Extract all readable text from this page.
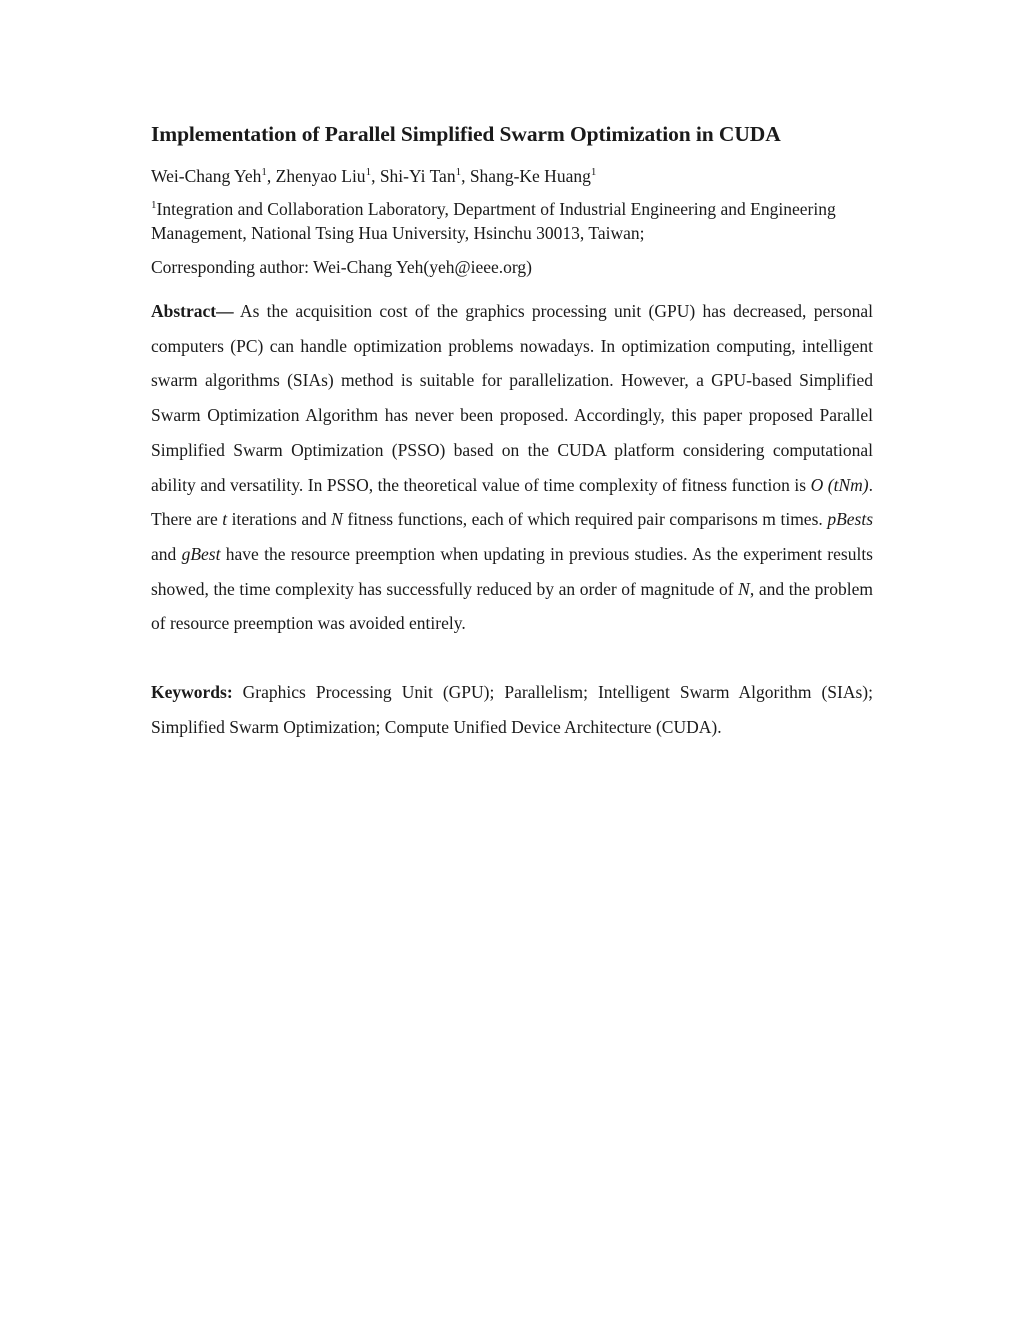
Implementation of Parallel Simplified Swarm Optimization in CUDA
Wei-Chang Yeh$^1$, Zhenyao Liu$^1$, Shi-Yi Tan$^1$, Shang-Ke Huang$^1$
$^1$Integration and Collaboration Laboratory, Department of Industrial Engineering and Engineering Management, National Tsing Hua University, Hsinchu 30013, Taiwan;
Corresponding author: Wei-Chang Yeh(yeh@ieee.org)
Abstract— As the acquisition cost of the graphics processing unit (GPU) has decreased, personal computers (PC) can handle optimization problems nowadays. In optimization computing, intelligent swarm algorithms (SIAs) method is suitable for parallelization. However, a GPU-based Simplified Swarm Optimization Algorithm has never been proposed. Accordingly, this paper proposed Parallel Simplified Swarm Optimization (PSSO) based on the CUDA platform considering computational ability and versatility. In PSSO, the theoretical value of time complexity of fitness function is O (tNm). There are t iterations and N fitness functions, each of which required pair comparisons m times. pBests and gBest have the resource preemption when updating in previous studies. As the experiment results showed, the time complexity has successfully reduced by an order of magnitude of N, and the problem of resource preemption was avoided entirely.
Keywords: Graphics Processing Unit (GPU); Parallelism; Intelligent Swarm Algorithm (SIAs); Simplified Swarm Optimization; Compute Unified Device Architecture (CUDA).
